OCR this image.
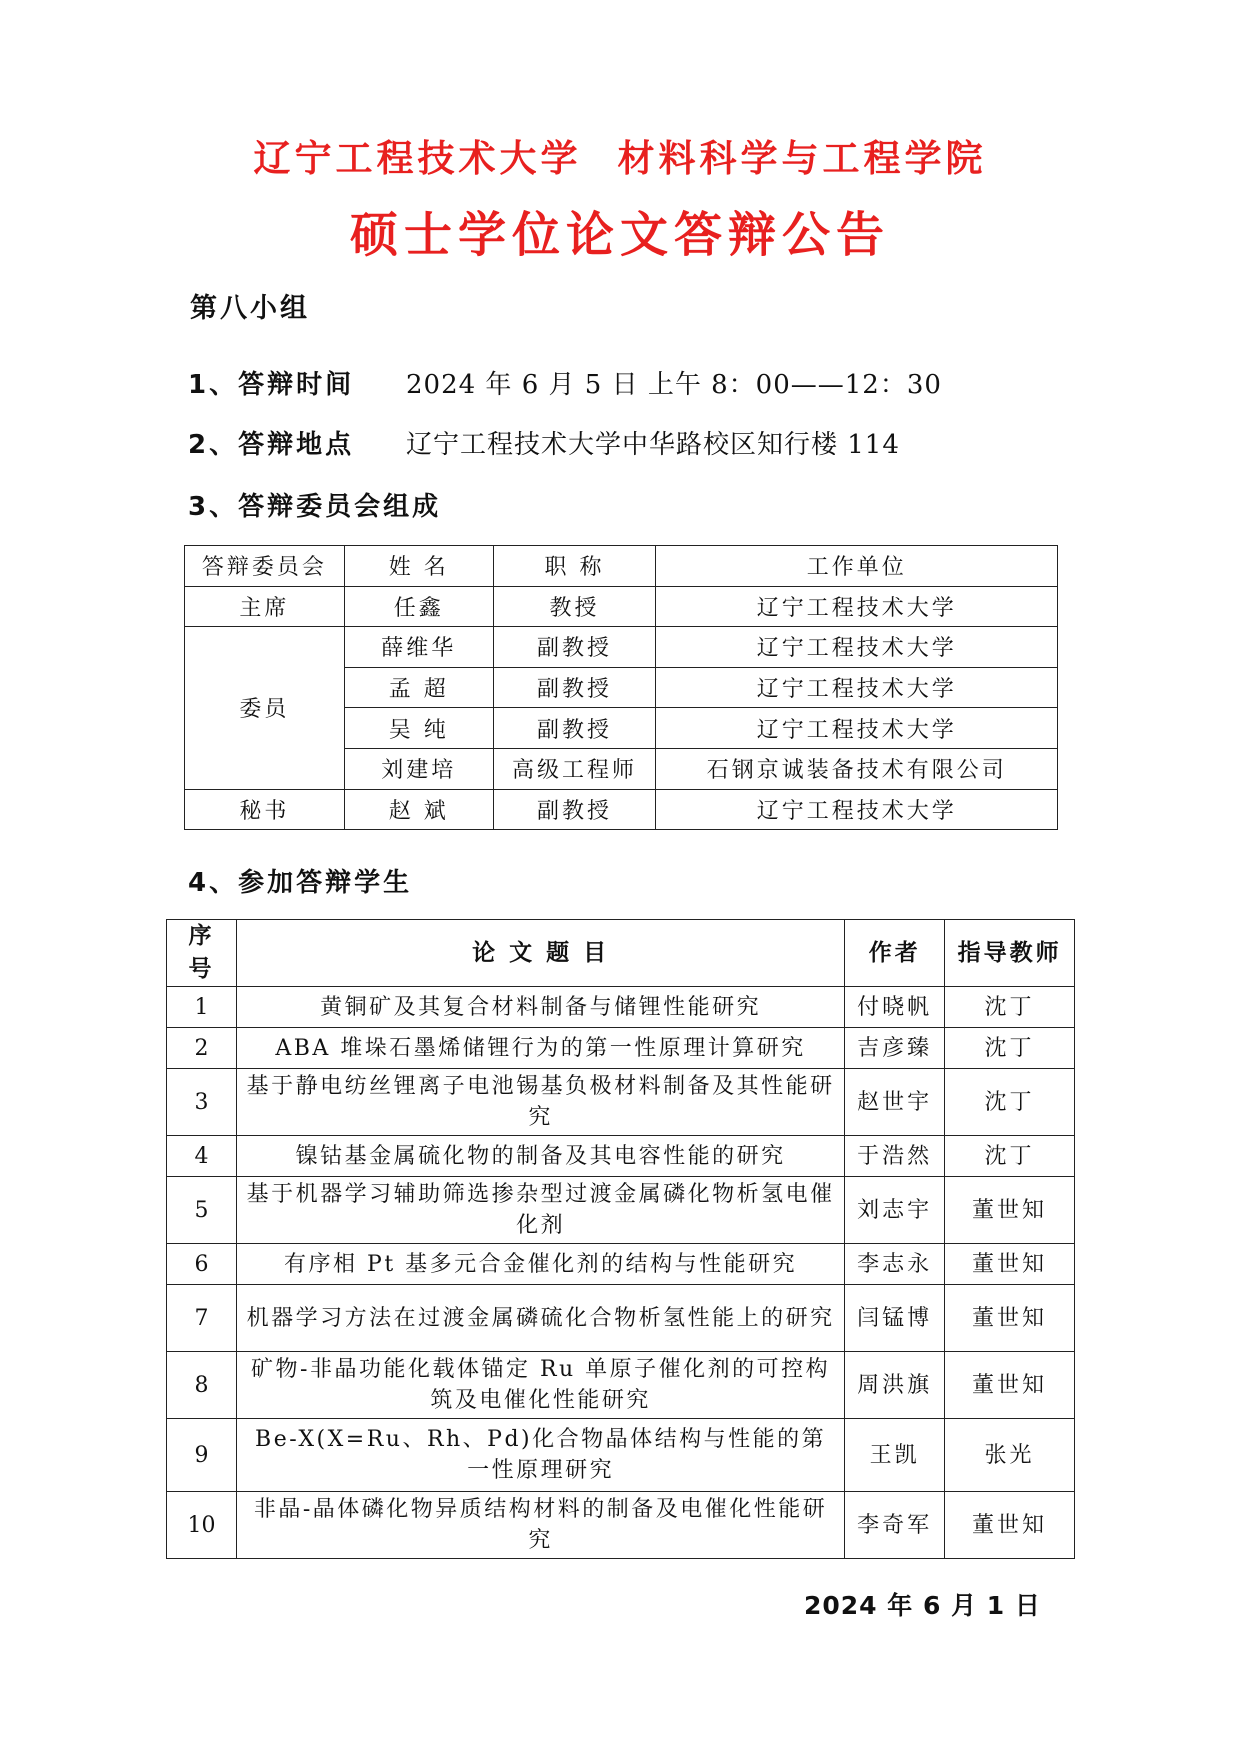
辽宁工程技术大学 材料科学与工程学院
硕士学位论文答辩公告
第八小组
1、答辩时间 2024 年 6 月 5 日 上午 8：00——12：30
2、答辩地点 辽宁工程技术大学中华路校区知行楼 114
3、答辩委员会组成
答辩委员会	姓 名	职 称	工作单位
主席	任鑫	教授	辽宁工程技术大学
委员	薛维华	副教授	辽宁工程技术大学
	孟 超	副教授	辽宁工程技术大学
	吴 纯	副教授	辽宁工程技术大学
	刘建培	高级工程师	石钢京诚装备技术有限公司
秘书	赵 斌	副教授	辽宁工程技术大学
4、参加答辩学生
序号	论 文 题 目	作者	指导教师
1	黄铜矿及其复合材料制备与储锂性能研究	付晓帆	沈丁
2	ABA 堆垛石墨烯储锂行为的第一性原理计算研究	吉彦臻	沈丁
3	基于静电纺丝锂离子电池锡基负极材料制备及其性能研究	赵世宇	沈丁
4	镍钴基金属硫化物的制备及其电容性能的研究	于浩然	沈丁
5	基于机器学习辅助筛选掺杂型过渡金属磷化物析氢电催化剂	刘志宇	董世知
6	有序相 Pt 基多元合金催化剂的结构与性能研究	李志永	董世知
7	机器学习方法在过渡金属磷硫化合物析氢性能上的研究	闫锰博	董世知
8	矿物-非晶功能化载体锚定 Ru 单原子催化剂的可控构筑及电催化性能研究	周洪旗	董世知
9	Be-X(X=Ru、Rh、Pd)化合物晶体结构与性能的第一性原理研究	王凯	张光
10	非晶-晶体磷化物异质结构材料的制备及电催化性能研究	李奇军	董世知
2024 年 6 月 1 日
